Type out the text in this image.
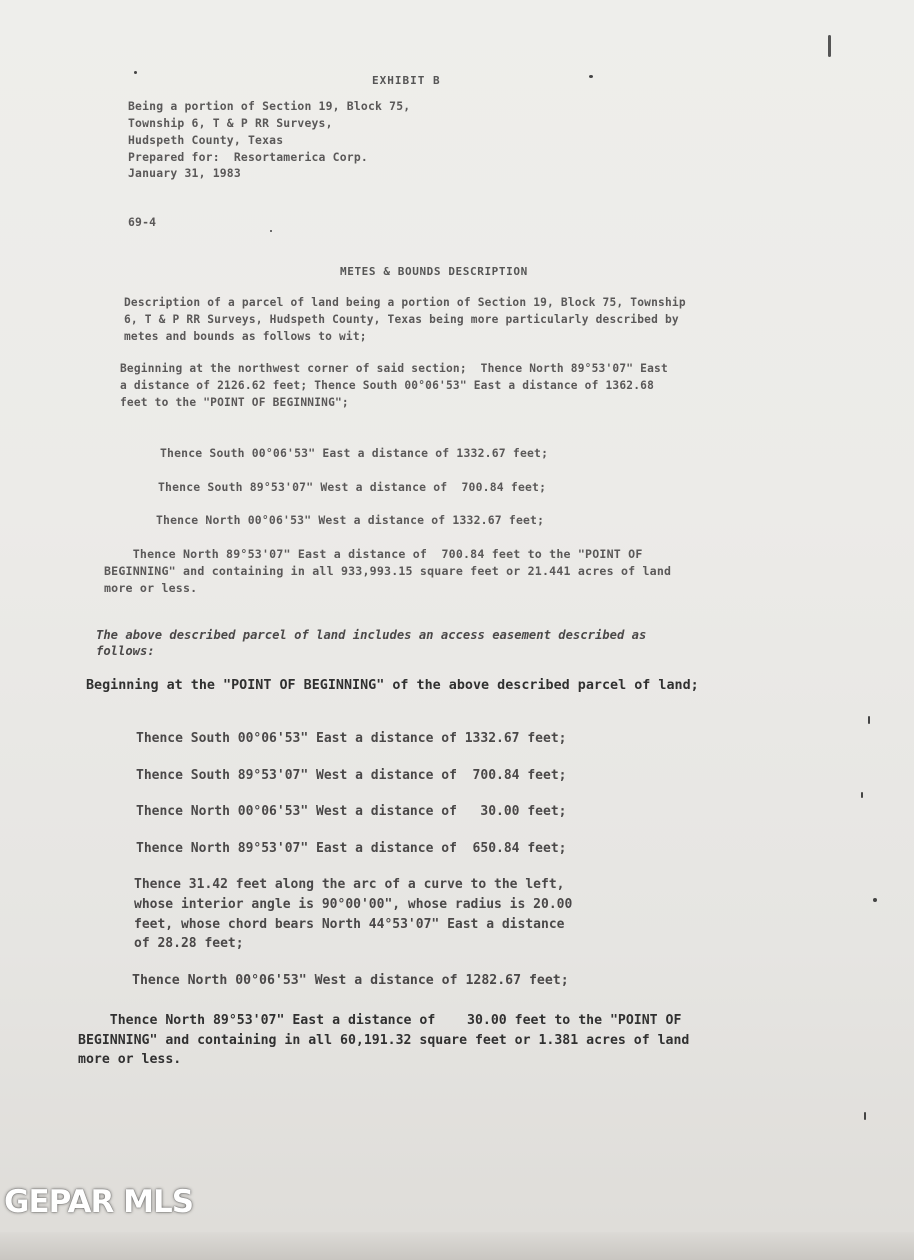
EXHIBIT B

Being a portion of Section 19, Block 75,

Township 6, T & P RR Surveys,

Hudspeth County, Texas

Prepared for:  Resortamerica Corp.

January 31, 1983

69-4

METES & BOUNDS DESCRIPTION

Description of a parcel of land being a portion of Section 19, Block 75, Township

6, T & P RR Surveys, Hudspeth County, Texas being more particularly described by

metes and bounds as follows to wit;

Beginning at the northwest corner of said section;  Thence North 89°53'07" East

a distance of 2126.62 feet; Thence South 00°06'53" East a distance of 1362.68

feet to the "POINT OF BEGINNING";

Thence South 00°06'53" East a distance of 1332.67 feet;

Thence South 89°53'07" West a distance of  700.84 feet;

Thence North 00°06'53" West a distance of 1332.67 feet;

Thence North 89°53'07" East a distance of  700.84 feet to the "POINT OF

BEGINNING" and containing in all 933,993.15 square feet or 21.441 acres of land

more or less.

The above described parcel of land includes an access easement described as

follows:

Beginning at the "POINT OF BEGINNING" of the above described parcel of land;

Thence South 00°06'53" East a distance of 1332.67 feet;

Thence South 89°53'07" West a distance of  700.84 feet;

Thence North 00°06'53" West a distance of   30.00 feet;

Thence North 89°53'07" East a distance of  650.84 feet;

Thence 31.42 feet along the arc of a curve to the left,

whose interior angle is 90°00'00", whose radius is 20.00

feet, whose chord bears North 44°53'07" East a distance

of 28.28 feet;

Thence North 00°06'53" West a distance of 1282.67 feet;

Thence North 89°53'07" East a distance of    30.00 feet to the "POINT OF

BEGINNING" and containing in all 60,191.32 square feet or 1.381 acres of land

more or less.

GEPAR MLS
